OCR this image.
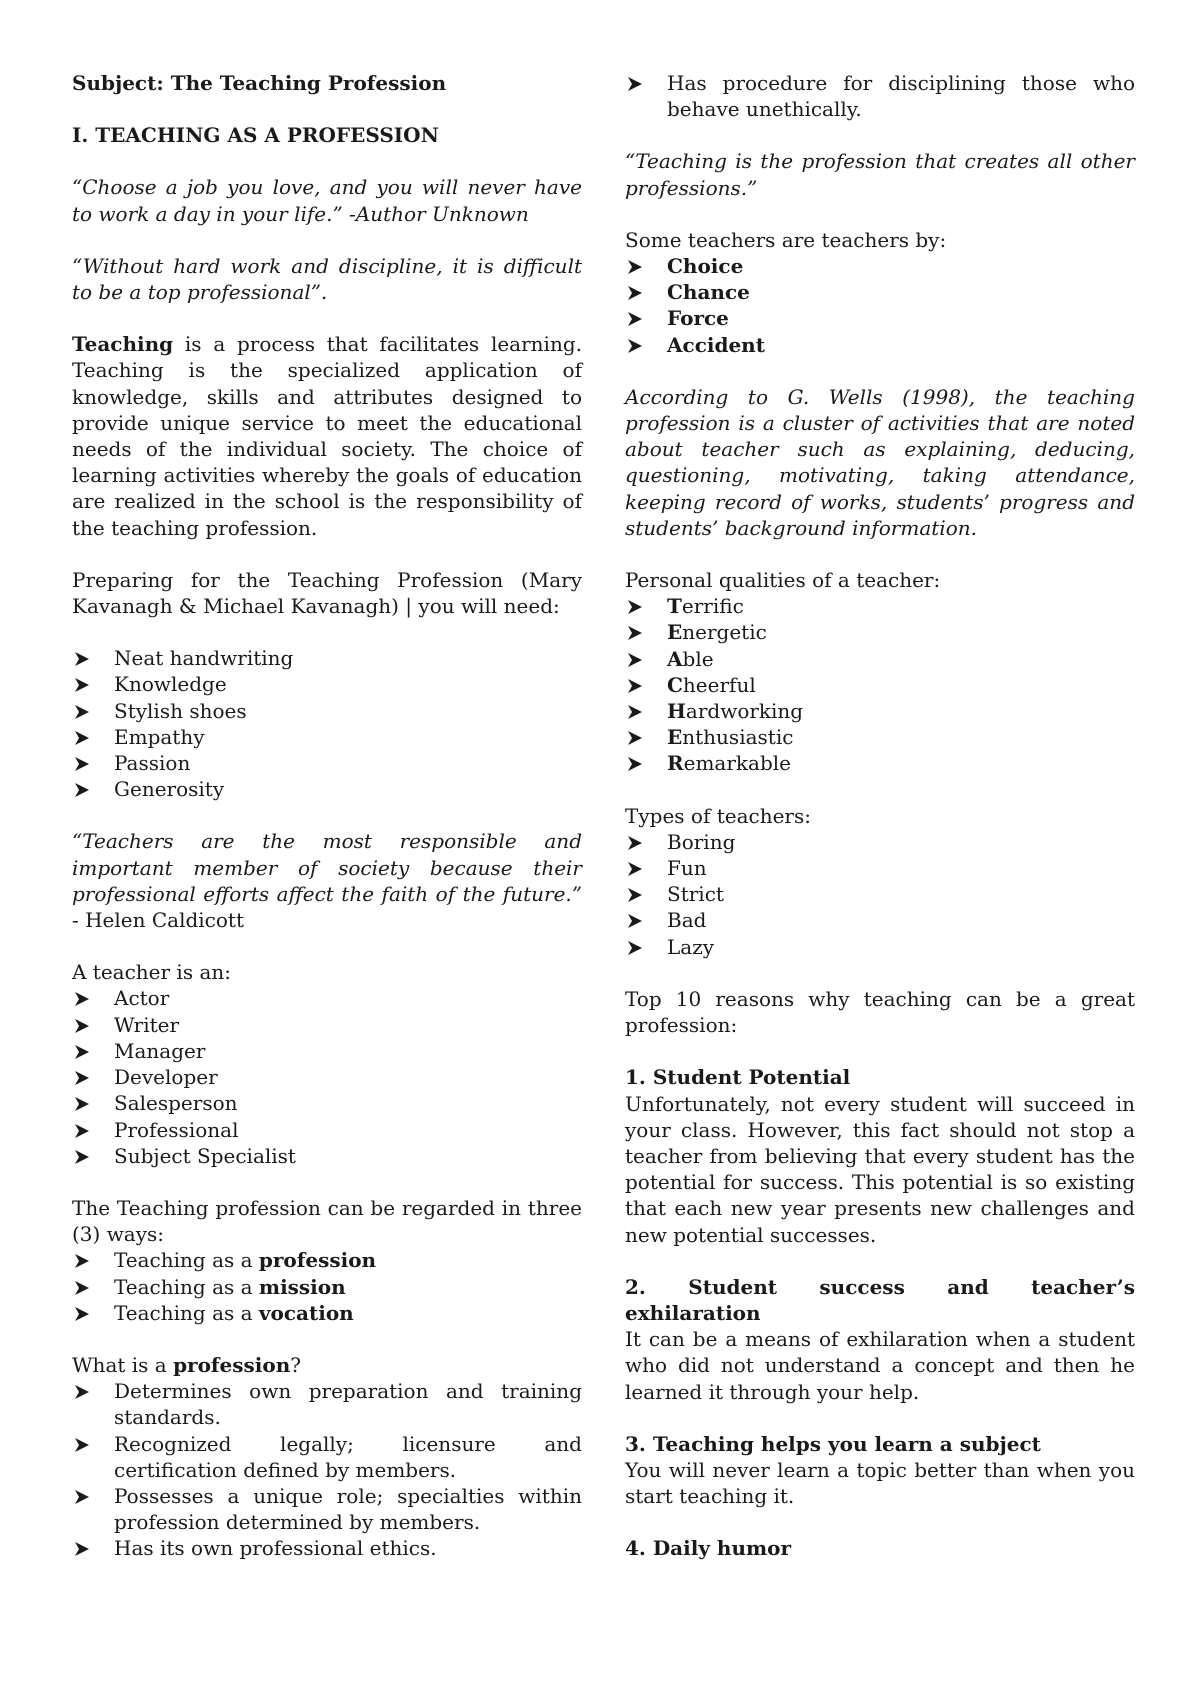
Subject: The Teaching Profession

I. TEACHING AS A PROFESSION

“Choose a job you love, and you will never have to work a day in your life.” -Author Unknown

“Without hard work and discipline, it is difficult to be a top professional”.

Teaching is a process that facilitates learning. Teaching is the specialized application of knowledge, skills and attributes designed to provide unique service to meet the educational needs of the individual society. The choice of learning activities whereby the goals of education are realized in the school is the responsibility of the teaching profession.

Preparing for the Teaching Profession (Mary Kavanagh & Michael Kavanagh) | you will need:

Neat handwriting
Knowledge
Stylish shoes
Empathy
Passion
Generosity

“Teachers are the most responsible and important member of society because their professional efforts affect the faith of the future.” - Helen Caldicott

A teacher is an:

Actor
Writer
Manager
Developer
Salesperson
Professional
Subject Specialist

The Teaching profession can be regarded in three (3) ways:

Teaching as a profession
Teaching as a mission
Teaching as a vocation

What is a profession?

Determines own preparation and training standards.
Recognized legally; licensure and certification defined by members.
Possesses a unique role; specialties within profession determined by members.
Has its own professional ethics.
Has procedure for disciplining those who behave unethically.

“Teaching is the profession that creates all other professions.”

Some teachers are teachers by:

Choice
Chance
Force
Accident

According to G. Wells (1998), the teaching profession is a cluster of activities that are noted about teacher such as explaining, deducing, questioning, motivating, taking attendance, keeping record of works, students’ progress and students’ background information.

Personal qualities of a teacher:

Terrific
Energetic
Able
Cheerful
Hardworking
Enthusiastic
Remarkable

Types of teachers:

Boring
Fun
Strict
Bad
Lazy

Top 10 reasons why teaching can be a great profession:

1. Student Potential

Unfortunately, not every student will succeed in your class. However, this fact should not stop a teacher from believing that every student has the potential for success. This potential is so existing that each new year presents new challenges and new potential successes.

2. Student success and teacher’s

exhilaration

It can be a means of exhilaration when a student who did not understand a concept and then he learned it through your help.

3. Teaching helps you learn a subject

You will never learn a topic better than when you start teaching it.

4. Daily humor
